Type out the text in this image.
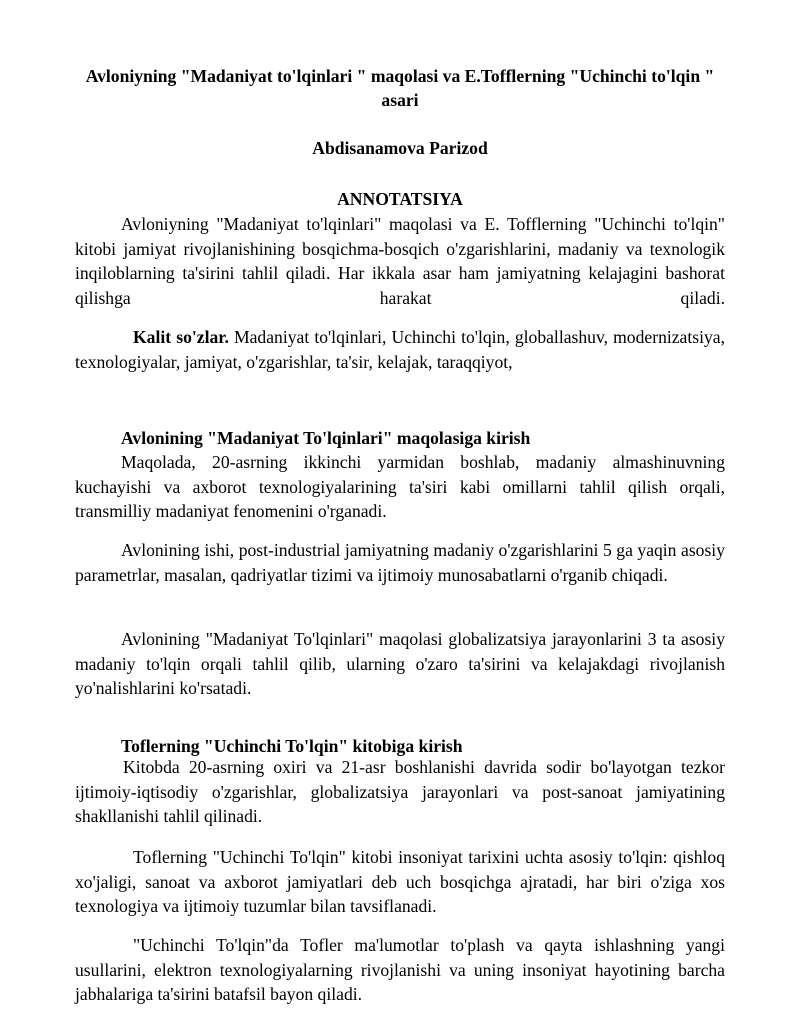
Avloniyning "Madaniyat to'lqinlari " maqolasi va E.Tofflerning "Uchinchi to'lqin " asari
Abdisanamova Parizod
ANNOTATSIYA

Avloniyning "Madaniyat to'lqinlari" maqolasi va E. Tofflerning "Uchinchi to'lqin" kitobi jamiyat rivojlanishining bosqichma-bosqich o'zgarishlarini, madaniy va texnologik inqiloblarning ta'sirini tahlil qiladi. Har ikkala asar ham jamiyatning kelajagini bashorat qilishga harakat qiladi.

Kalit so'zlar. Madaniyat to'lqinlari, Uchinchi to'lqin, globallashuv, modernizatsiya, texnologiyalar, jamiyat, o'zgarishlar, ta'sir, kelajak, taraqqiyot,

Avlonining "Madaniyat To'lqinlari" maqolasiga kirish

Maqolada, 20-asrning ikkinchi yarmidan boshlab, madaniy almashinuvning kuchayishi va axborot texnologiyalarining ta'siri kabi omillarni tahlil qilish orqali, transmilliy madaniyat fenomenini o'rganadi.

Avlonining ishi, post-industrial jamiyatning madaniy o'zgarishlarini 5 ga yaqin asosiy parametrlar, masalan, qadriyatlar tizimi va ijtimoiy munosabatlarni o'rganib chiqadi.

Avlonining "Madaniyat To'lqinlari" maqolasi globalizatsiya jarayonlarini 3 ta asosiy madaniy to'lqin orqali tahlil qilib, ularning o'zaro ta'sirini va kelajakdagi rivojlanish yo'nalishlarini ko'rsatadi.

Toflerning "Uchinchi To'lqin" kitobiga kirish

Kitobda 20-asrning oxiri va 21-asr boshlanishi davrida sodir bo'layotgan tezkor ijtimoiy-iqtisodiy o'zgarishlar, globalizatsiya jarayonlari va post-sanoat jamiyatining shakllanishi tahlil qilinadi.

Toflerning "Uchinchi To'lqin" kitobi insoniyat tarixini uchta asosiy to'lqin: qishloq xo'jaligi, sanoat va axborot jamiyatlari deb uch bosqichga ajratadi, har biri o'ziga xos texnologiya va ijtimoiy tuzumlar bilan tavsiflanadi.

"Uchinchi To'lqin"da Tofler ma'lumotlar to'plash va qayta ishlashning yangi usullarini, elektron texnologiyalarning rivojlanishi va uning insoniyat hayotining barcha jabhalariga ta'sirini batafsil bayon qiladi.
